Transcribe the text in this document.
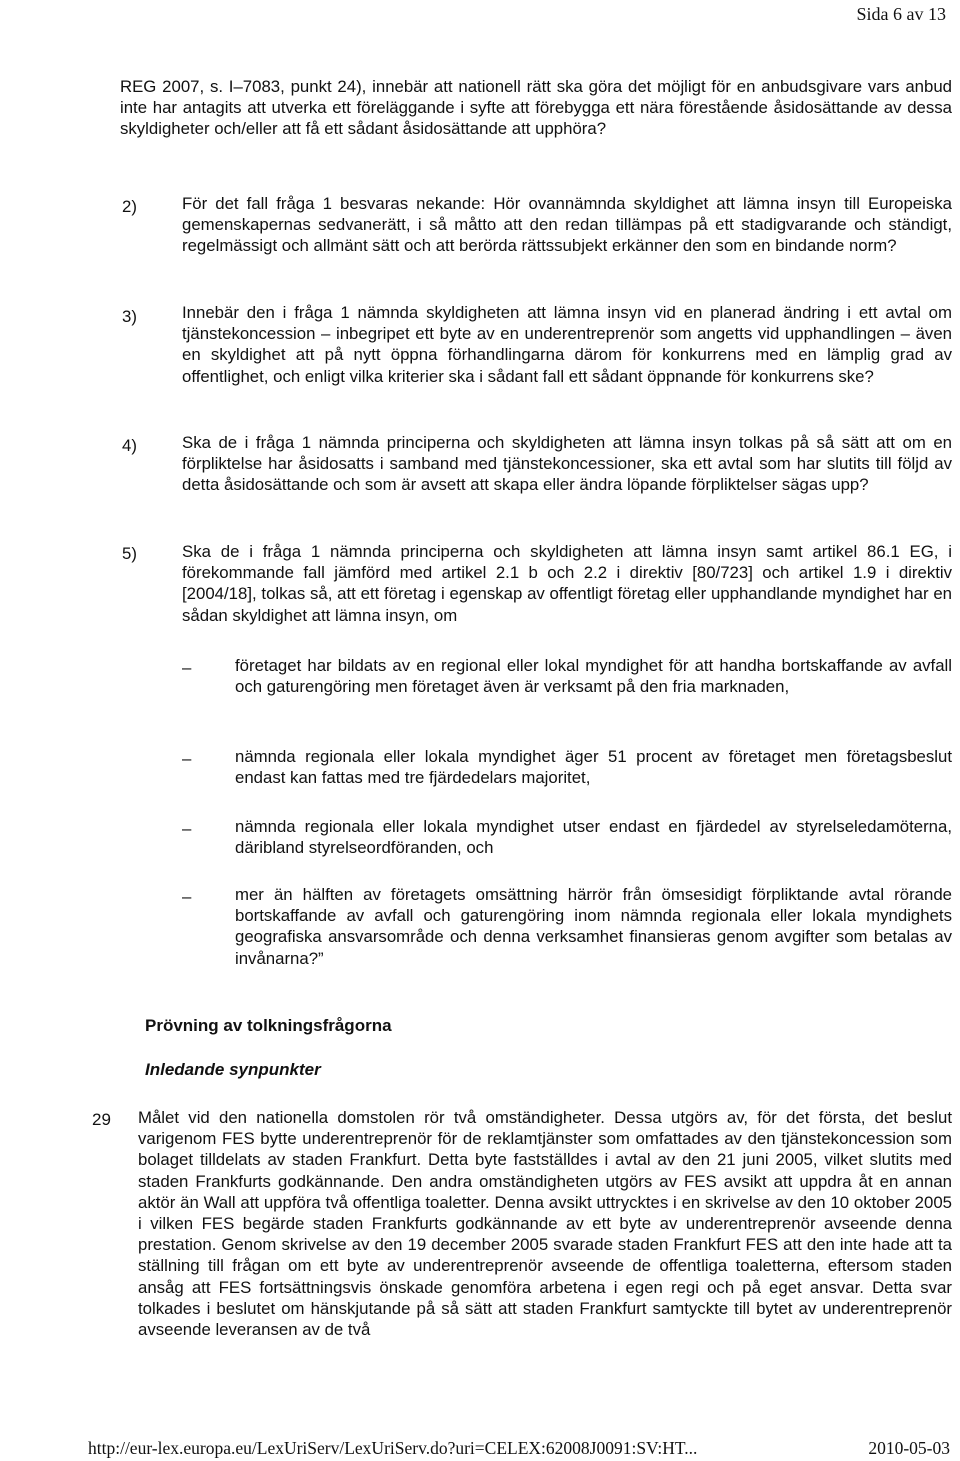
Sida 6 av 13

REG 2007, s. I–7083, punkt 24), innebär att nationell rätt ska göra det möjligt för en anbudsgivare vars anbud inte har antagits att utverka ett föreläggande i syfte att förebygga ett nära förestående åsidosättande av dessa skyldigheter och/eller att få ett sådant åsidosättande att upphöra?

2)	För det fall fråga 1 besvaras nekande: Hör ovannämnda skyldighet att lämna insyn till Europeiska gemenskapernas sedvanerätt, i så måtto att den redan tillämpas på ett stadigvarande och ständigt, regelmässigt och allmänt sätt och att berörda rättssubjekt erkänner den som en bindande norm?

3)	Innebär den i fråga 1 nämnda skyldigheten att lämna insyn vid en planerad ändring i ett avtal om tjänstekoncession – inbegripet ett byte av en underentreprenör som angetts vid upphandlingen – även en skyldighet att på nytt öppna förhandlingarna därom för konkurrens med en lämplig grad av offentlighet, och enligt vilka kriterier ska i sådant fall ett sådant öppnande för konkurrens ske?

4)	Ska de i fråga 1 nämnda principerna och skyldigheten att lämna insyn tolkas på så sätt att om en förpliktelse har åsidosatts i samband med tjänstekoncessioner, ska ett avtal som har slutits till följd av detta åsidosättande och som är avsett att skapa eller ändra löpande förpliktelser sägas upp?

5)	Ska de i fråga 1 nämnda principerna och skyldigheten att lämna insyn samt artikel 86.1 EG, i förekommande fall jämförd med artikel 2.1 b och 2.2 i direktiv [80/723] och artikel 1.9 i direktiv [2004/18], tolkas så, att ett företag i egenskap av offentligt företag eller upphandlande myndighet har en sådan skyldighet att lämna insyn, om

–	företaget har bildats av en regional eller lokal myndighet för att handha bortskaffande av avfall och gaturengöring men företaget även är verksamt på den fria marknaden,

–	nämnda regionala eller lokala myndighet äger 51 procent av företaget men företagsbeslut endast kan fattas med tre fjärdedelars majoritet,

–	nämnda regionala eller lokala myndighet utser endast en fjärdedel av styrelseledamöterna, däribland styrelseordföranden, och

–	mer än hälften av företagets omsättning härrör från ömsesidigt förpliktande avtal rörande bortskaffande av avfall och gaturengöring inom nämnda regionala eller lokala myndighets geografiska ansvarsområde och denna verksamhet finansieras genom avgifter som betalas av invånarna?”

Prövning av tolkningsfrågorna
Inledande synpunkter
29 Målet vid den nationella domstolen rör två omständigheter. Dessa utgörs av, för det första, det beslut varigenom FES bytte underentreprenör för de reklamtjänster som omfattades av den tjänstekoncession som bolaget tilldelats av staden Frankfurt. Detta byte fastställdes i avtal av den 21 juni 2005, vilket slutits med staden Frankfurts godkännande. Den andra omständigheten utgörs av FES avsikt att uppdra åt en annan aktör än Wall att uppföra två offentliga toaletter. Denna avsikt uttrycktes i en skrivelse av den 10 oktober 2005 i vilken FES begärde staden Frankfurts godkännande av ett byte av underentreprenör avseende denna prestation. Genom skrivelse av den 19 december 2005 svarade staden Frankfurt FES att den inte hade att ta ställning till frågan om ett byte av underentreprenör avseende de offentliga toaletterna, eftersom staden ansåg att FES fortsättningsvis önskade genomföra arbetena i egen regi och på eget ansvar. Detta svar tolkades i beslutet om hänskjutande på så sätt att staden Frankfurt samtyckte till bytet av underentreprenör avseende leveransen av de två

http://eur-lex.europa.eu/LexUriServ/LexUriServ.do?uri=CELEX:62008J0091:SV:HT...	2010-05-03
